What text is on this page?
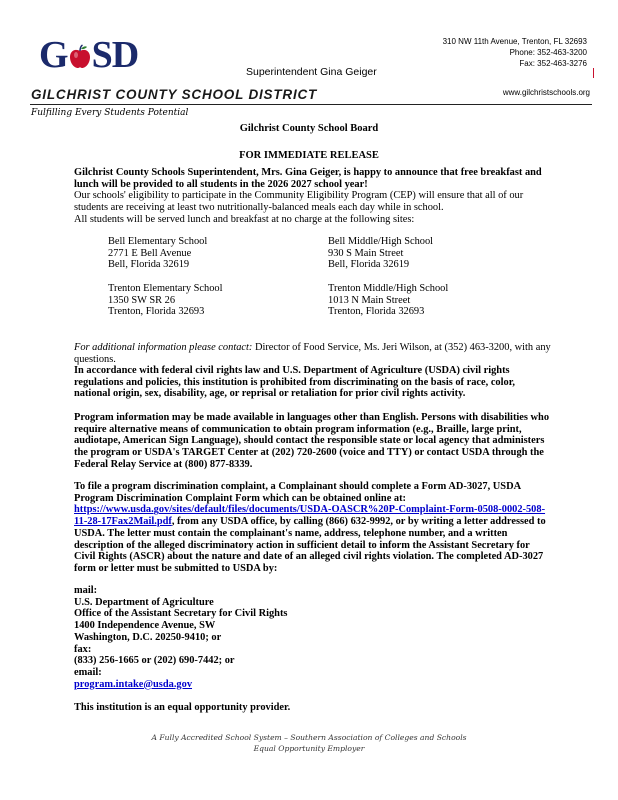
G SD	Superintendent Gina Geiger
310 NW 11th Avenue, Trenton, FL 32693
Phone: 352-463-3200
Fax: 352-463-3276
GILCHRIST COUNTY SCHOOL DISTRICT	www.gilchristschools.org
Fulfilling Every Students Potential
Gilchrist County School Board
FOR IMMEDIATE RELEASE
Gilchrist County Schools Superintendent, Mrs. Gina Geiger, is happy to announce that free breakfast and lunch will be provided to all students in the 2026 2027 school year!
Our schools' eligibility to participate in the Community Eligibility Program (CEP) will ensure that all of our students are receiving at least two nutritionally-balanced meals each day while in school.
All students will be served lunch and breakfast at no charge at the following sites:
Bell Elementary School
2771 E Bell Avenue
Bell, Florida 32619
Bell Middle/High School
930 S Main Street
Bell, Florida 32619
Trenton Elementary School
1350 SW SR 26
Trenton, Florida 32693
Trenton Middle/High School
1013 N Main Street
Trenton, Florida 32693
For additional information please contact: Director of Food Service, Ms. Jeri Wilson, at (352) 463-3200, with any questions.
In accordance with federal civil rights law and U.S. Department of Agriculture (USDA) civil rights regulations and policies, this institution is prohibited from discriminating on the basis of race, color, national origin, sex, disability, age, or reprisal or retaliation for prior civil rights activity.
Program information may be made available in languages other than English. Persons with disabilities who require alternative means of communication to obtain program information (e.g., Braille, large print, audiotape, American Sign Language), should contact the responsible state or local agency that administers the program or USDA's TARGET Center at (202) 720-2600 (voice and TTY) or contact USDA through the Federal Relay Service at (800) 877-8339.
To file a program discrimination complaint, a Complainant should complete a Form AD-3027, USDA Program Discrimination Complaint Form which can be obtained online at: https://www.usda.gov/sites/default/files/documents/USDA-OASCR%20P-Complaint-Form-0508-0002-508-11-28-17Fax2Mail.pdf, from any USDA office, by calling (866) 632-9992, or by writing a letter addressed to USDA. The letter must contain the complainant's name, address, telephone number, and a written description of the alleged discriminatory action in sufficient detail to inform the Assistant Secretary for Civil Rights (ASCR) about the nature and date of an alleged civil rights violation. The completed AD-3027 form or letter must be submitted to USDA by:
mail:
U.S. Department of Agriculture
Office of the Assistant Secretary for Civil Rights
1400 Independence Avenue, SW
Washington, D.C. 20250-9410; or
fax:
(833) 256-1665 or (202) 690-7442; or
email:
program.intake@usda.gov
This institution is an equal opportunity provider.
A Fully Accredited School System – Southern Association of Colleges and Schools
Equal Opportunity Employer
